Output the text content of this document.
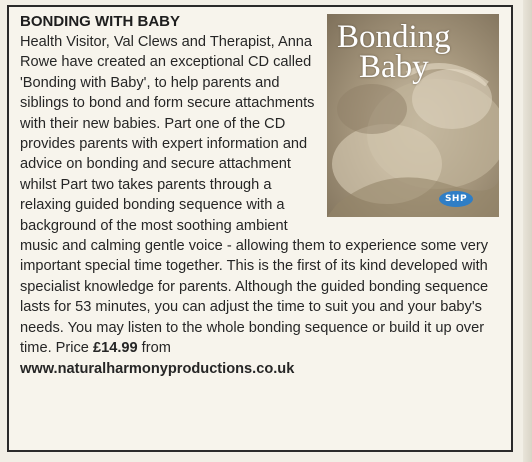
Bonding
Baby
SHP
BONDING WITH BABY
Health Visitor, Val Clews and Therapist, Anna Rowe have created an exceptional CD called 'Bonding with Baby', to help parents and siblings to bond and form secure attachments with their new babies. Part one of the CD provides parents with expert information and advice on bonding and secure attachment whilst Part two takes parents through a relaxing guided bonding sequence with a background of the most soothing ambient music and calming gentle voice - allowing them to experience some very important special time together. This is the first of its kind developed with specialist knowledge for parents. Although the guided bonding sequence lasts for 53 minutes, you can adjust the time to suit you and your baby's needs. You may listen to the whole bonding sequence or build it up over time. Price £14.99 from
www.naturalharmonyproductions.co.uk
